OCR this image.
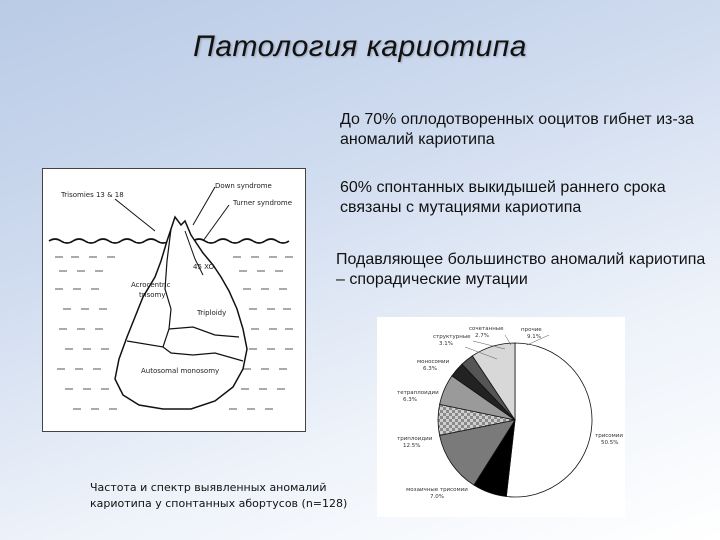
Патология кариотипа
До 70% оплодотворенных ооцитов гибнет из-за аномалий кариотипа
60% спонтанных выкидышей раннего срока связаны с мутациями кариотипа
Подавляющее большинство аномалий кариотипа – спорадические мутации
Trisomies 13 & 18
Down syndrome
Turner syndrome
45 XO
Acrocentric
trisomy
Triploidy
Autosomal monosomy
трисомии
50.5%
мозаичные трисомии
7.0%
триплоидии
12.5%
тетраплоидии
6.3%
моносомии
6.3%
структурные
3.1%
сочетанные
2.7%
прочие
9.1%
Частота и спектр выявленных аномалий кариотипа у спонтанных абортусов (n=128)
